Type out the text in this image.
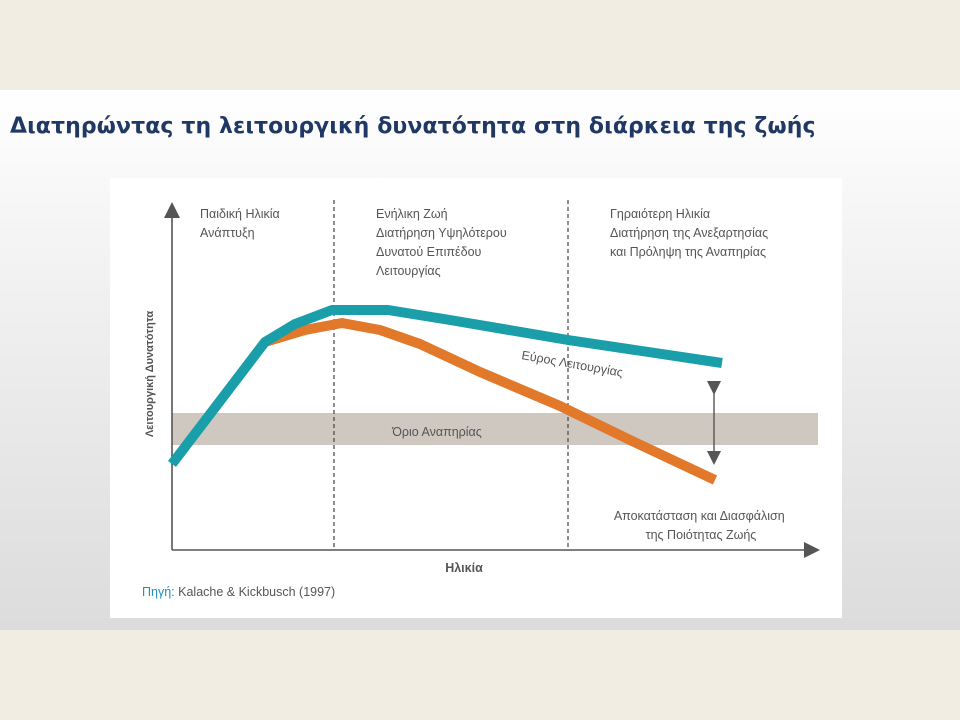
Διατηρώντας τη λειτουργική δυνατότητα στη διάρκεια της ζωής
Όριο Αναπηρίας
Εύρος Λειτουργίας
Λειτουργική Δυνατότητα
Ηλικία
Παιδική Ηλικία Ανάπτυξη
Ενήλικη Ζωή Διατήρηση Υψηλότερου Δυνατού Επιπέδου Λειτουργίας
Γηραιότερη Ηλικία Διατήρηση της Ανεξαρτησίας και Πρόληψη της Αναπηρίας
Αποκατάσταση και Διασφάλιση της Ποιότητας Ζωής
Πηγή: Kalache & Kickbusch (1997)
